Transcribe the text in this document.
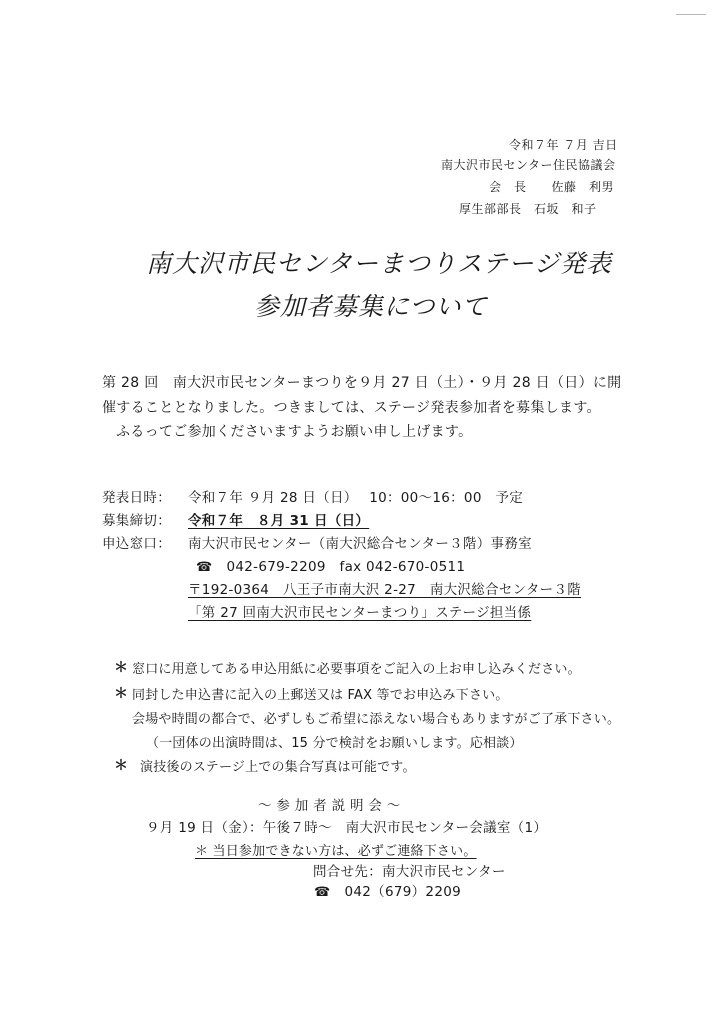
令和７年 ７月 吉日
南大沢市民センター住民協議会
会　長　　佐藤　利男
厚生部部長　石坂　和子
南大沢市民センターまつりステージ発表
参加者募集について
第 28 回　南大沢市民センターまつりを９月 27 日（土）・９月 28 日（日）に開
催することとなりました。つきましては、ステージ発表参加者を募集します。
ふるってご参加くださいますようお願い申し上げます。
発表日時： 令和７年 ９月 28 日（日）　 10：00〜16：00　予定
募集締切： 令和７年　８月 31 日（日）
申込窓口： 南大沢市民センター（南大沢総合センター３階）事務室
☎ 042-679-2209　fax 042-670-0511
〒192-0364　八王子市南大沢 2-27　南大沢総合センター３階
「第 27 回南大沢市民センターまつり」ステージ担当係
＊ 窓口に用意してある申込用紙に必要事項をご記入の上お申し込みください。
＊ 同封した申込書に記入の上郵送又は FAX 等でお申込み下さい。
会場や時間の都合で、必ずしもご希望に添えない場合もありますがご了承下さい。
（一団体の出演時間は、15 分で検討をお願いします。応相談）
＊ 演技後のステージ上での集合写真は可能です。
〜 参 加 者 説 明 会 〜
９月 19 日（金）：午後７時〜　南大沢市民センター会議室（1）
＊ 当日参加できない方は、必ずご連絡下さい。
問合せ先：南大沢市民センター
☎ 042（679）2209
